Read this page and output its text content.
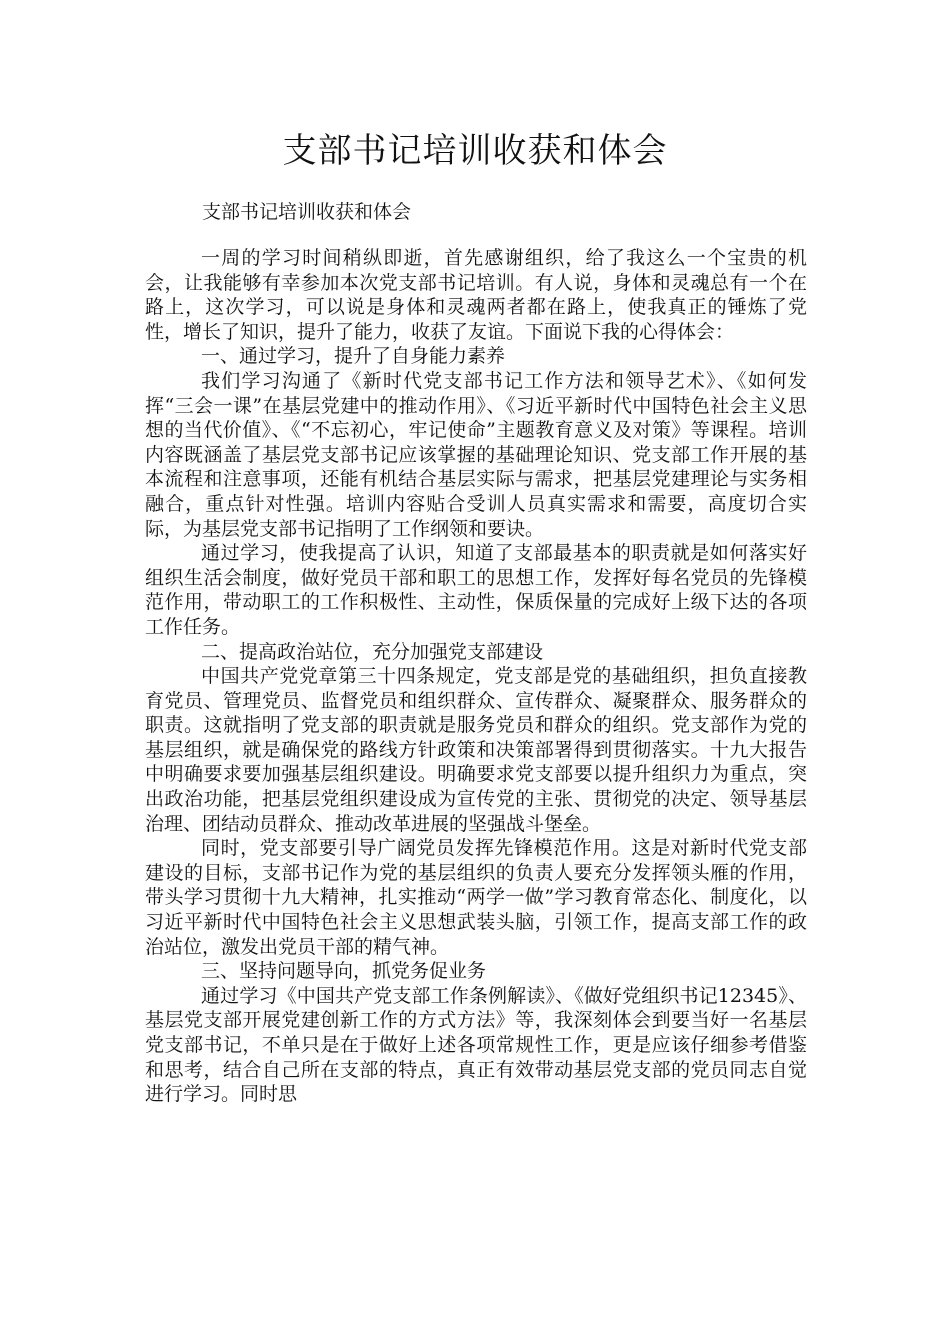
支部书记培训收获和体会

支部书记培训收获和体会

一周的学习时间稍纵即逝，首先感谢组织，给了我这么一个宝贵的机会，让我能够有幸参加本次党支部书记培训。有人说，身体和灵魂总有一个在路上，这次学习，可以说是身体和灵魂两者都在路上，使我真正的锤炼了党性，增长了知识，提升了能力，收获了友谊。下面说下我的心得体会：

一、通过学习，提升了自身能力素养

我们学习沟通了《新时代党支部书记工作方法和领导艺术》、《如何发挥“三会一课”在基层党建中的推动作用》、《习近平新时代中国特色社会主义思想的当代价值》、《“不忘初心，牢记使命”主题教育意义及对策》等课程。培训内容既涵盖了基层党支部书记应该掌握的基础理论知识、党支部工作开展的基本流程和注意事项，还能有机结合基层实际与需求，把基层党建理论与实务相融合，重点针对性强。培训内容贴合受训人员真实需求和需要，高度切合实际，为基层党支部书记指明了工作纲领和要诀。

通过学习，使我提高了认识，知道了支部最基本的职责就是如何落实好组织生活会制度，做好党员干部和职工的思想工作，发挥好每名党员的先锋模范作用，带动职工的工作积极性、主动性，保质保量的完成好上级下达的各项工作任务。

二、提高政治站位，充分加强党支部建设

中国共产党党章第三十四条规定，党支部是党的基础组织，担负直接教育党员、管理党员、监督党员和组织群众、宣传群众、凝聚群众、服务群众的职责。这就指明了党支部的职责就是服务党员和群众的组织。党支部作为党的基层组织，就是确保党的路线方针政策和决策部署得到贯彻落实。十九大报告中明确要求要加强基层组织建设。明确要求党支部要以提升组织力为重点，突出政治功能，把基层党组织建设成为宣传党的主张、贯彻党的决定、领导基层治理、团结动员群众、推动改革进展的坚强战斗堡垒。

同时，党支部要引导广阔党员发挥先锋模范作用。这是对新时代党支部建设的目标，支部书记作为党的基层组织的负责人要充分发挥领头雁的作用，带头学习贯彻十九大精神，扎实推动“两学一做”学习教育常态化、制度化，以习近平新时代中国特色社会主义思想武装头脑，引领工作，提高支部工作的政治站位，激发出党员干部的精气神。

三、坚持问题导向，抓党务促业务

通过学习《中国共产党支部工作条例解读》、《做好党组织书记12345》、基层党支部开展党建创新工作的方式方法》等，我深刻体会到要当好一名基层党支部书记，不单只是在于做好上述各项常规性工作，更是应该仔细参考借鉴和思考，结合自己所在支部的特点，真正有效带动基层党支部的党员同志自觉进行学习。同时思
